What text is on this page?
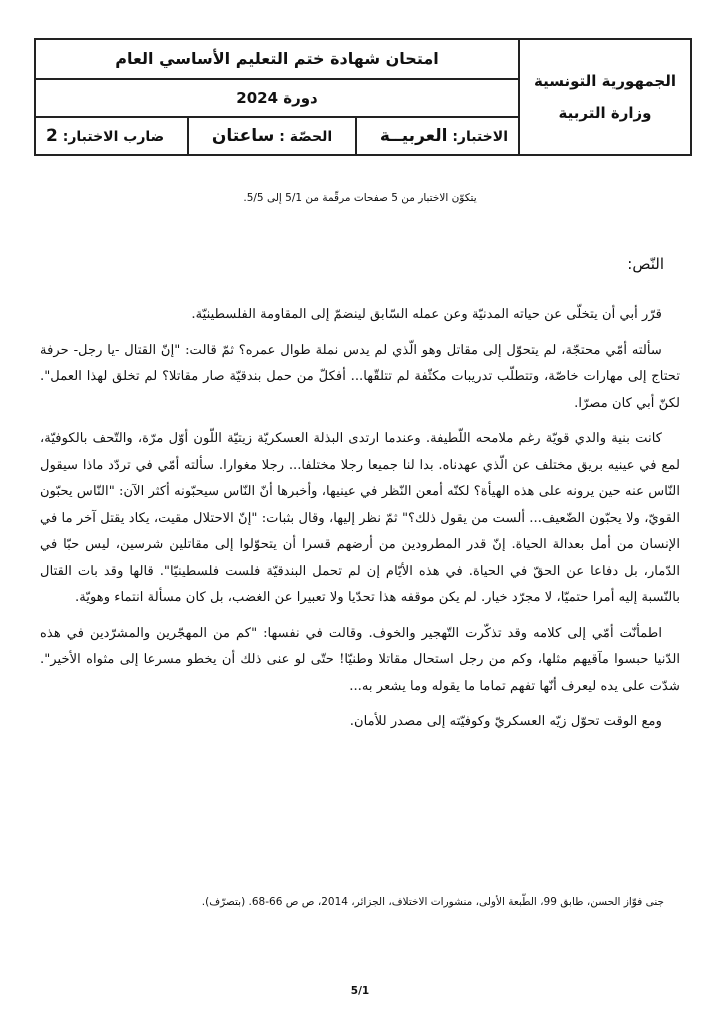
الجمهورية التونسية
وزارة التربية
امتحان شهادة ختم التعليم الأساسي العام
دورة 2024
الاختبار: العربيــة
الحصّة : ساعتان
ضارب الاختبار: 2
يتكوّن الاختبار من 5 صفحات مرقّمة من 5/1 إلى 5/5.
النّص:

قرّر أبي أن يتخلّى عن حياته المدنيّة وعن عمله السّابق لينضمّ إلى المقاومة الفلسطينيّة.

سألته أمّي محتجّة، لم يتحوّل إلى مقاتل وهو الّذي لم يدس نملة طوال عمره؟ ثمّ قالت: "إنّ القتال -يا رجل- حرفة تحتاج إلى مهارات خاصّة، وتتطلّب تدريبات مكثّفة لم تتلقّها... أفكلّ من حمل بندقيّة صار مقاتلا؟ لم تخلق لهذا العمل". لكنّ أبي كان مصرّا.

كانت بنية والدي قويّة رغم ملامحه اللّطيفة. وعندما ارتدى البذلة العسكريّة زيتيّة اللّون أوّل مرّة، والتّحف بالكوفيّة، لمع في عينيه بريق مختلف عن الّذي عهدناه. بدا لنا جميعا رجلا مختلفا... رجلا مغوارا. سألته أمّي في تردّد ماذا سيقول النّاس عنه حين يرونه على هذه الهيأة؟ لكنّه أمعن النّظر في عينيها، وأخبرها أنّ النّاس سيحبّونه أكثر الآن: "النّاس يحبّون القويّ، ولا يحبّون الضّعيف... ألست من يقول ذلك؟" ثمّ نظر إليها، وقال بثبات: "إنّ الاحتلال مقيت، يكاد يقتل آخر ما في الإنسان من أمل بعدالة الحياة. إنّ قدر المطرودين من أرضهم قسرا أن يتحوّلوا إلى مقاتلين شرسين، ليس حبّا في الدّمار، بل دفاعا عن الحقّ في الحياة. في هذه الأيّام إن لم تحمل البندقيّة فلست فلسطينيّا". قالها وقد بات القتال بالنّسبة إليه أمرا حتميّا، لا مجرّد خيار. لم يكن موقفه هذا تحدّيا ولا تعبيرا عن الغضب، بل كان مسألة انتماء وهويّة.

اطمأنّت أمّي إلى كلامه وقد تذكّرت التّهجير والخوف. وقالت في نفسها: "كم من المهجّرين والمشرّدين في هذه الدّنيا حبسوا مآقيهم مثلها، وكم من رجل استحال مقاتلا وطنيّا! حتّى لو عنى ذلك أن يخطو مسرعا إلى مثواه الأخير". شدّت على يده ليعرف أنّها تفهم تماما ما يقوله وما يشعر به...

ومع الوقت تحوّل زيّه العسكريّ وكوفيّته إلى مصدر للأمان.

جنى فوّاز الحسن، طابق 99، الطّبعة الأولى، منشورات الاختلاف، الجزائر، 2014، ص ص 66-68. (بتصرّف).
5/1
